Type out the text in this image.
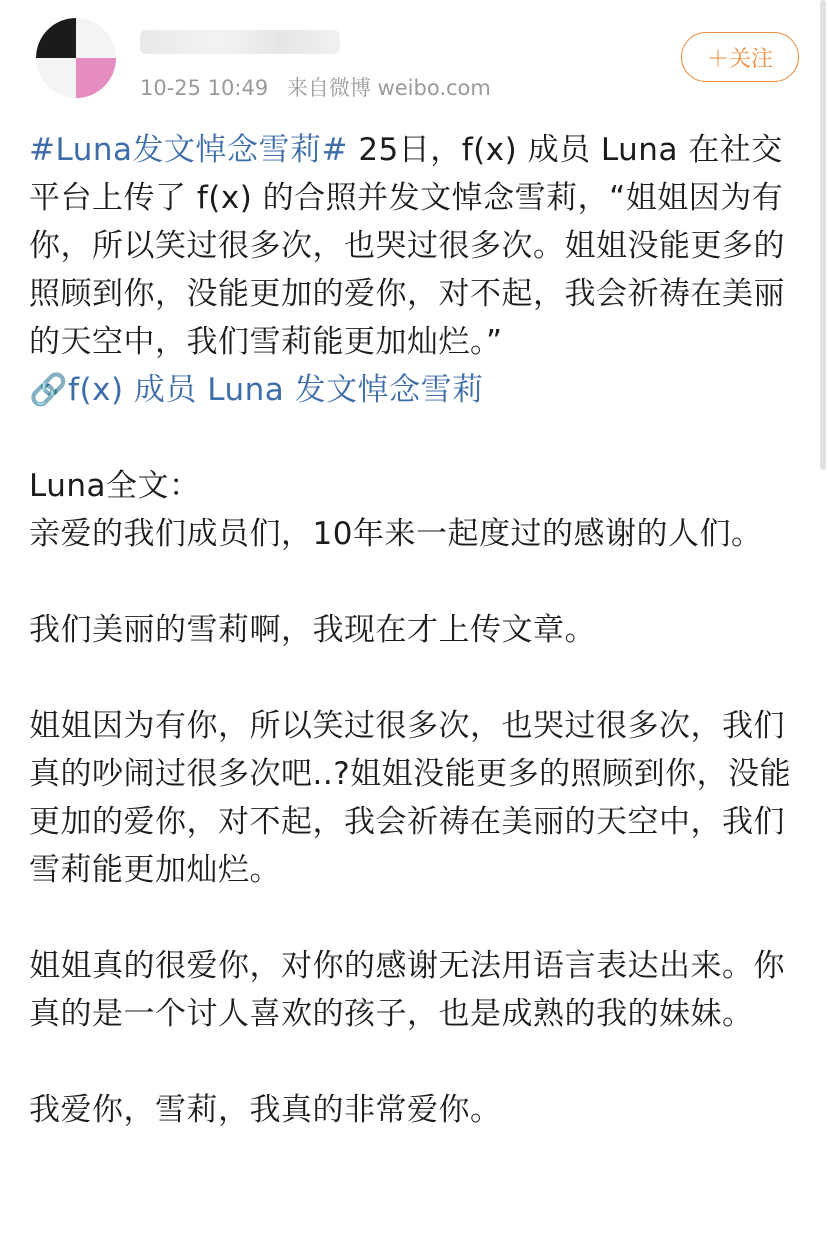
10-25 10:49 来自微博 weibo.com
＋关注

#Luna发文悼念雪莉# 25日，f(x) 成员 Luna 在社交平台上传了 f(x) 的合照并发文悼念雪莉，“姐姐因为有你，所以笑过很多次，也哭过很多次。姐姐没能更多的照顾到你，没能更加的爱你，对不起，我会祈祷在美丽的天空中，我们雪莉能更加灿烂。”

🔗f(x) 成员 Luna 发文悼念雪莉

Luna全文：

亲爱的我们成员们，10年来一起度过的感谢的人们。

我们美丽的雪莉啊，我现在才上传文章。

姐姐因为有你，所以笑过很多次，也哭过很多次，我们真的吵闹过很多次吧..?姐姐没能更多的照顾到你，没能更加的爱你，对不起，我会祈祷在美丽的天空中，我们雪莉能更加灿烂。

姐姐真的很爱你，对你的感谢无法用语言表达出来。你真的是一个讨人喜欢的孩子，也是成熟的我的妹妹。

我爱你，雪莉，我真的非常爱你。
